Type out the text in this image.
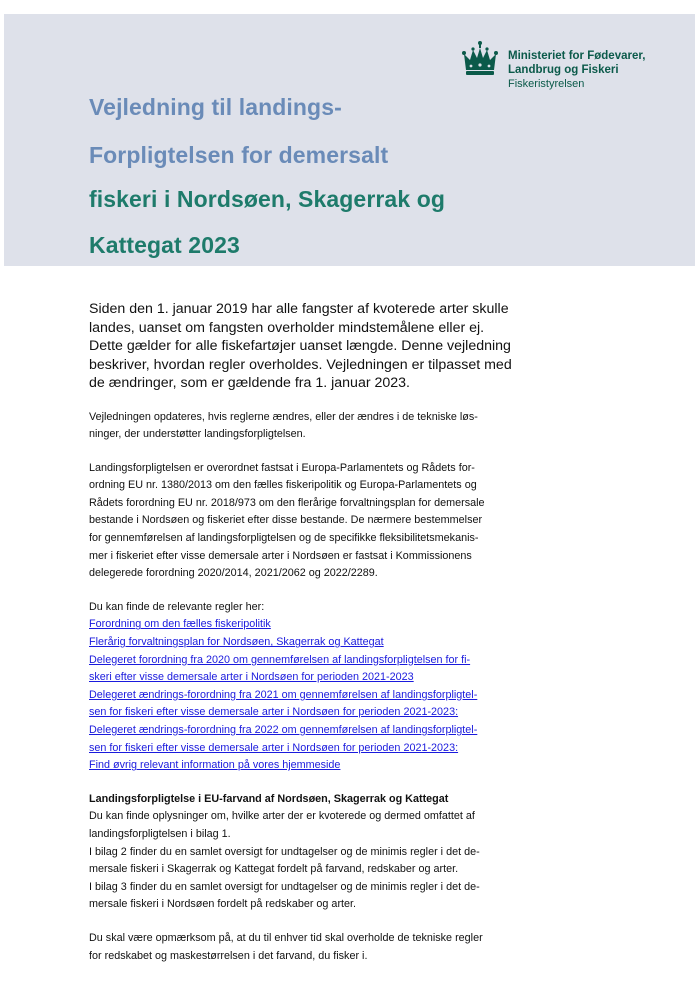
Ministeriet for Fødevarer,
Landbrug og Fiskeri
Fiskeristyrelsen
Vejledning til landings-
Forpligtelsen for demersalt
fiskeri i Nordsøen, Skagerrak og
Kattegat 2023
Siden den 1. januar 2019 har alle fangster af kvoterede arter skulle
landes, uanset om fangsten overholder mindstemålene eller ej.
Dette gælder for alle fiskefartøjer uanset længde. Denne vejledning
beskriver, hvordan regler overholdes. Vejledningen er tilpasset med
de ændringer, som er gældende fra 1. januar 2023.
Vejledningen opdateres, hvis reglerne ændres, eller der ændres i de tekniske løs-
ninger, der understøtter landingsforpligtelsen.
Landingsforpligtelsen er overordnet fastsat i Europa-Parlamentets og Rådets for-
ordning EU nr. 1380/2013 om den fælles fiskeripolitik og Europa-Parlamentets og
Rådets forordning EU nr. 2018/973 om den flerårige forvaltningsplan for demersale
bestande i Nordsøen og fiskeriet efter disse bestande. De nærmere bestemmelser
for gennemførelsen af landingsforpligtelsen og de specifikke fleksibilitetsmekanis-
mer i fiskeriet efter visse demersale arter i Nordsøen er fastsat i Kommissionens
delegerede forordning 2020/2014, 2021/2062 og 2022/2289.
Du kan finde de relevante regler her:
Forordning om den fælles fiskeripolitik
Flerårig forvaltningsplan for Nordsøen, Skagerrak og Kattegat
Delegeret forordning fra 2020 om gennemførelsen af landingsforpligtelsen for fi-
skeri efter visse demersale arter i Nordsøen for perioden 2021-2023
Delegeret ændrings-forordning fra 2021 om gennemførelsen af landingsforpligtel-
sen for fiskeri efter visse demersale arter i Nordsøen for perioden 2021-2023:
Delegeret ændrings-forordning fra 2022 om gennemførelsen af landingsforpligtel-
sen for fiskeri efter visse demersale arter i Nordsøen for perioden 2021-2023:
Find øvrig relevant information på vores hjemmeside
Landingsforpligtelse i EU-farvand af Nordsøen, Skagerrak og Kattegat
Du kan finde oplysninger om, hvilke arter der er kvoterede og dermed omfattet af
landingsforpligtelsen i bilag 1.
I bilag 2 finder du en samlet oversigt for undtagelser og de minimis regler i det de-
mersale fiskeri i Skagerrak og Kattegat fordelt på farvand, redskaber og arter.
I bilag 3 finder du en samlet oversigt for undtagelser og de minimis regler i det de-
mersale fiskeri i Nordsøen fordelt på redskaber og arter.
Du skal være opmærksom på, at du til enhver tid skal overholde de tekniske regler
for redskabet og maskestørrelsen i det farvand, du fisker i.
